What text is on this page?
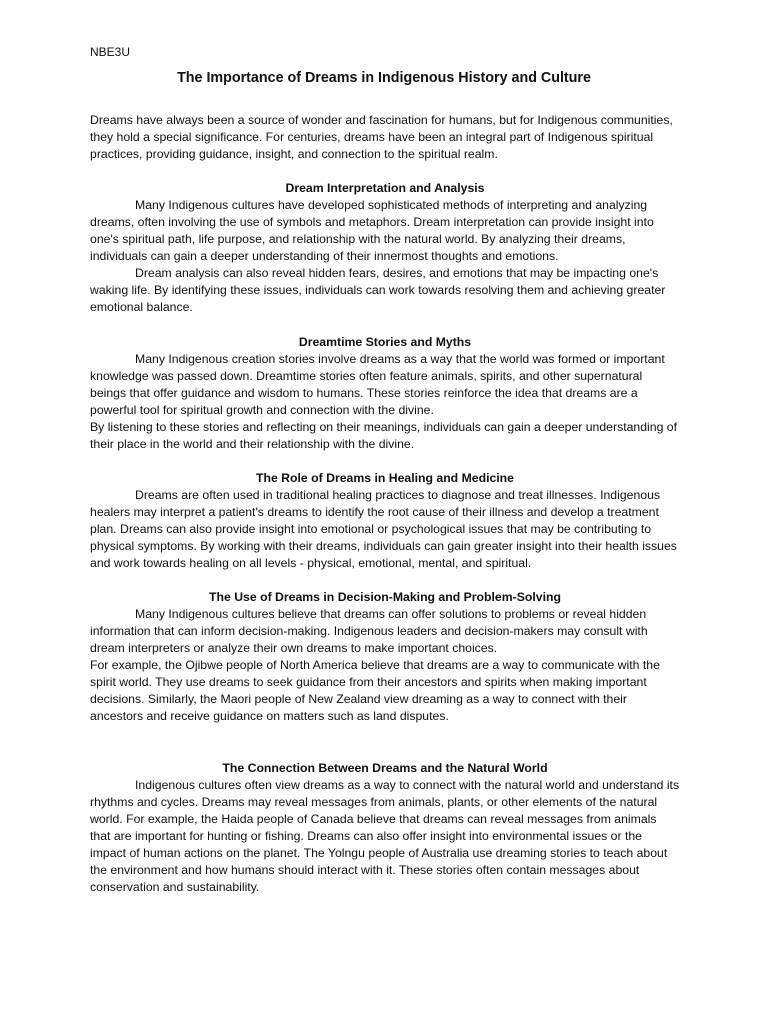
NBE3U
The Importance of Dreams in Indigenous History and Culture

Dreams have always been a source of wonder and fascination for humans, but for Indigenous communities, they hold a special significance. For centuries, dreams have been an integral part of Indigenous spiritual practices, providing guidance, insight, and connection to the spiritual realm.

Dream Interpretation and Analysis

Many Indigenous cultures have developed sophisticated methods of interpreting and analyzing dreams, often involving the use of symbols and metaphors. Dream interpretation can provide insight into one's spiritual path, life purpose, and relationship with the natural world. By analyzing their dreams, individuals can gain a deeper understanding of their innermost thoughts and emotions.

Dream analysis can also reveal hidden fears, desires, and emotions that may be impacting one's waking life. By identifying these issues, individuals can work towards resolving them and achieving greater emotional balance.

Dreamtime Stories and Myths

Many Indigenous creation stories involve dreams as a way that the world was formed or important knowledge was passed down. Dreamtime stories often feature animals, spirits, and other supernatural beings that offer guidance and wisdom to humans. These stories reinforce the idea that dreams are a powerful tool for spiritual growth and connection with the divine.

By listening to these stories and reflecting on their meanings, individuals can gain a deeper understanding of their place in the world and their relationship with the divine.

The Role of Dreams in Healing and Medicine

Dreams are often used in traditional healing practices to diagnose and treat illnesses. Indigenous healers may interpret a patient's dreams to identify the root cause of their illness and develop a treatment plan. Dreams can also provide insight into emotional or psychological issues that may be contributing to physical symptoms. By working with their dreams, individuals can gain greater insight into their health issues and work towards healing on all levels - physical, emotional, mental, and spiritual.

The Use of Dreams in Decision-Making and Problem-Solving

Many Indigenous cultures believe that dreams can offer solutions to problems or reveal hidden information that can inform decision-making. Indigenous leaders and decision-makers may consult with dream interpreters or analyze their own dreams to make important choices.

For example, the Ojibwe people of North America believe that dreams are a way to communicate with the spirit world. They use dreams to seek guidance from their ancestors and spirits when making important decisions. Similarly, the Maori people of New Zealand view dreaming as a way to connect with their ancestors and receive guidance on matters such as land disputes.

The Connection Between Dreams and the Natural World

Indigenous cultures often view dreams as a way to connect with the natural world and understand its rhythms and cycles. Dreams may reveal messages from animals, plants, or other elements of the natural world. For example, the Haida people of Canada believe that dreams can reveal messages from animals that are important for hunting or fishing. Dreams can also offer insight into environmental issues or the impact of human actions on the planet. The Yolngu people of Australia use dreaming stories to teach about the environment and how humans should interact with it. These stories often contain messages about conservation and sustainability.
